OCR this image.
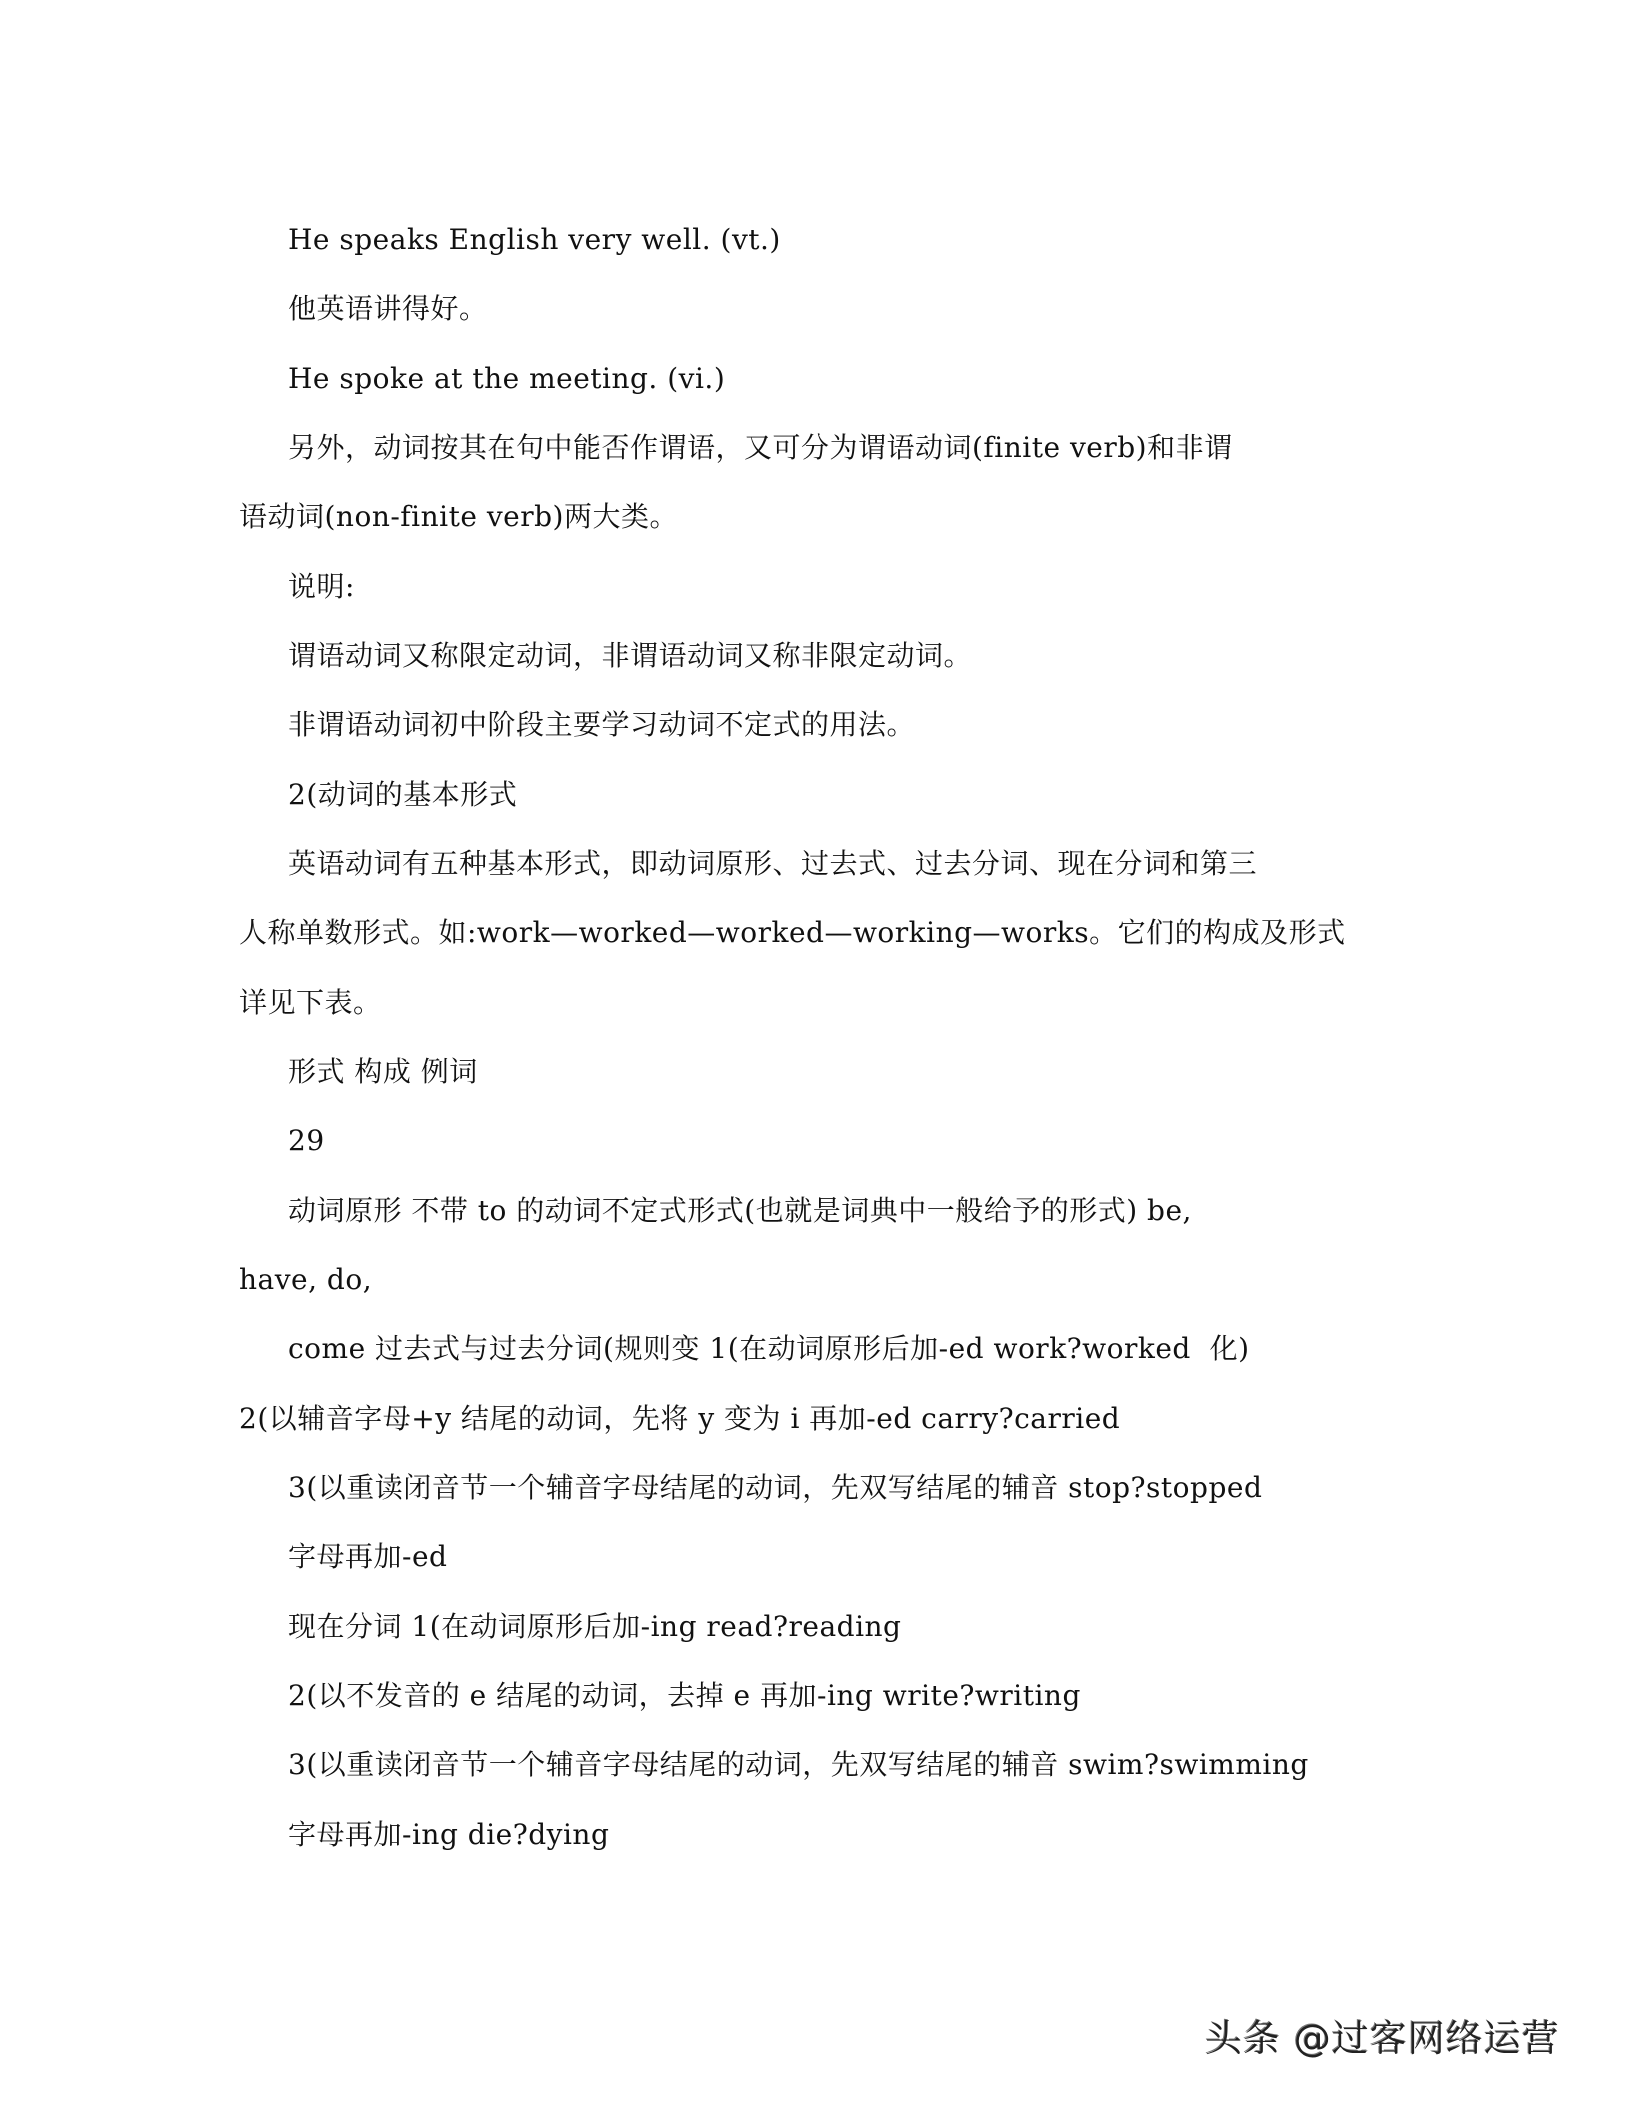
He speaks English very well. (vt.)
他英语讲得好。
He spoke at the meeting. (vi.)
另外，动词按其在句中能否作谓语，又可分为谓语动词(finite verb)和非谓
语动词(non-finite verb)两大类。
说明:
谓语动词又称限定动词，非谓语动词又称非限定动词。
非谓语动词初中阶段主要学习动词不定式的用法。
2(动词的基本形式
英语动词有五种基本形式，即动词原形、过去式、过去分词、现在分词和第三
人称单数形式。如:work—worked—worked—working—works。它们的构成及形式
详见下表。
形式 构成 例词
29
动词原形 不带 to 的动词不定式形式(也就是词典中一般给予的形式) be,
have, do,
come 过去式与过去分词(规则变 1(在动词原形后加-ed work?worked  化)
2(以辅音字母+y 结尾的动词，先将 y 变为 i 再加-ed carry?carried
3(以重读闭音节一个辅音字母结尾的动词，先双写结尾的辅音 stop?stopped
字母再加-ed
现在分词 1(在动词原形后加-ing read?reading
2(以不发音的 e 结尾的动词，去掉 e 再加-ing write?writing
3(以重读闭音节一个辅音字母结尾的动词，先双写结尾的辅音 swim?swimming
字母再加-ing die?dying
头条 @过客网络运营
